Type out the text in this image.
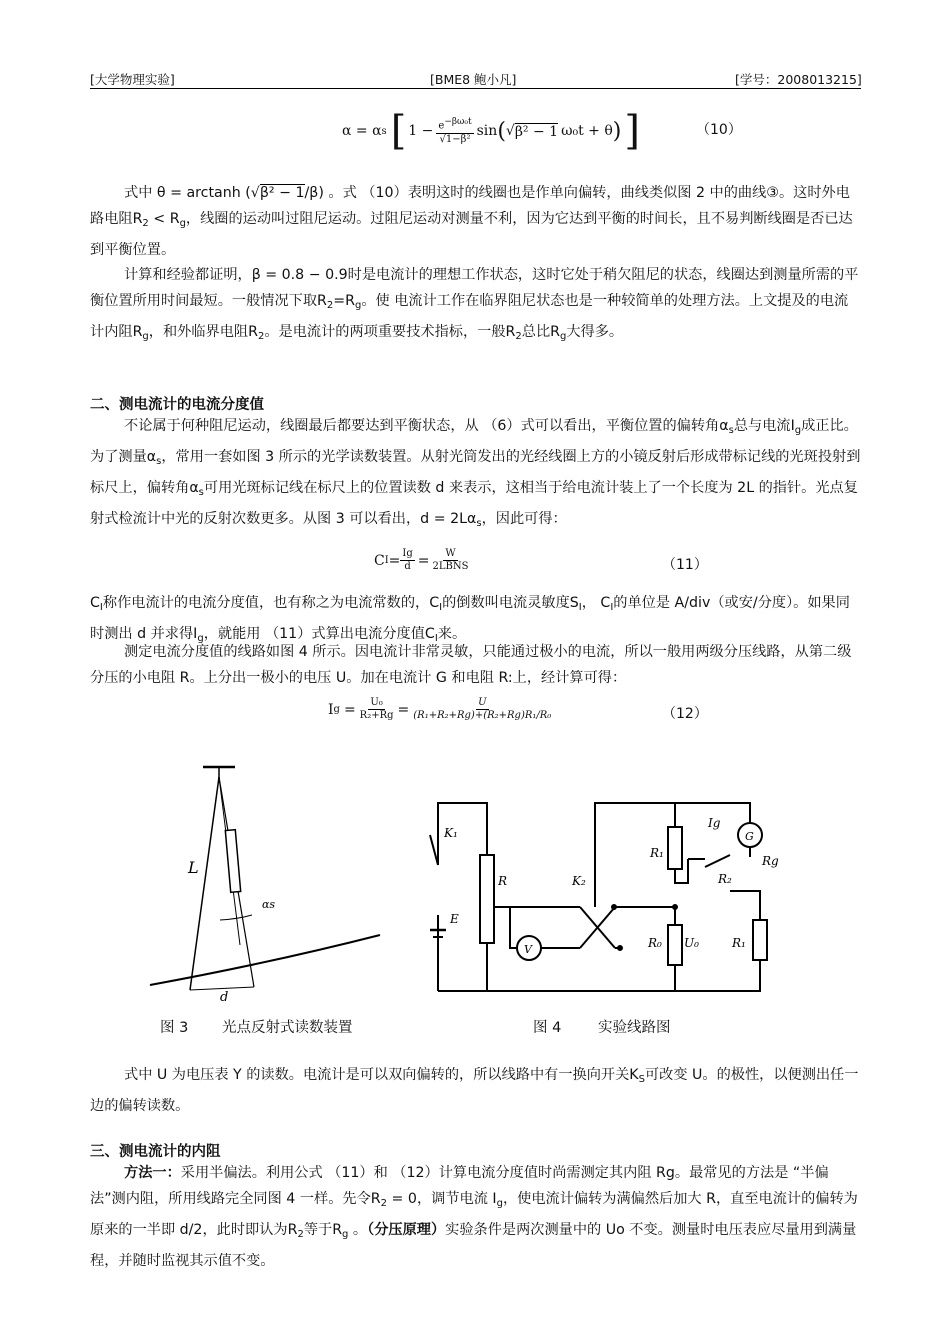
[大学物理实验]	[BME8 鲍小凡]	[学号：2008013215]
α = α s [ $1 - \frac{e^{-\beta\omega_0t}}{\text{√1−β²}}$ sin ( √ β² − 1 ω₀t + θ ) ]	（10）
式中 θ = arctanh (√β² − 1/β) 。式 （10）表明这时的线圈也是作单向偏转，曲线类似图 2 中的曲线③。这时外电路电阻$R_2 < R_g$，线圈的运动叫过阻尼运动。过阻尼运动对测量不利，因为它达到平衡的时间长，且不易判断线圈是否已达到平衡位置。
计算和经验都证明，β = 0.8 − 0.9时是电流计的理想工作状态，这时它处于稍欠阻尼的状态，线圈达到测量所需的平衡位置所用时间最短。一般情况下取$R_2=R_g$。使 电流计工作在临界阻尼状态也是一种较简单的处理方法。上文提及的电流计内阻$R_g$，和外临界电阻$R_2$。是电流计的两项重要技术指标，一般$R_2$总比$R_g$大得多。
二、测电流计的电流分度值
不论属于何种阻尼运动，线圈最后都要达到平衡状态，从 （6）式可以看出，平衡位置的偏转角$\alpha_s$总与电流$I_g$成正比。为了测量$\alpha_s$，常用一套如图 3 所示的光学读数装置。从射光筒发出的光经线圈上方的小镜反射后形成带标记线的光斑投射到标尺上，偏转角$\alpha_s$可用光斑标记线在标尺上的位置读数 d 来表示，这相当于给电流计装上了一个长度为 2L 的指针。光点复射式检流计中光的反射次数更多。从图 3 可以看出，$d = 2L\alpha_s$，因此可得：
C $I = \frac{Ig}{d} = \frac{W}{\text{2LBNS}}$	（11）
$C_I$称作电流计的电流分度值，也有称之为电流常数的，$C_I$的倒数叫电流灵敏度$S_I$， $C_I$的单位是 A/div（或安/分度）。如果同时测出 d 并求得$I_g$，就能用 （11）式算出电流分度值$C_I$来。
测定电流分度值的线路如图 4 所示。因电流计非常灵敏，只能通过极小的电流，所以一般用两级分压线路，从第二级分压的小电阻 R。上分出一极小的电压 U。加在电流计 G 和电阻 R:上，经计算可得：
I $g = \frac{\text{U₀}}{\text{R₂+Rg}} = \frac{U}{\text{(R₁+R₂+Rg)+(R₂+Rg)R₁/R₀}}$	（12）
L
αs
d
图 3 光点反射式读数装置
K₁
R
E
V
K₂
Ig
G
R₁
Rg
R₂
R₀ U₀	R₁
图 4	实验线路图
式中 U 为电压表 Y 的读数。电流计是可以双向偏转的，所以线路中有一换向开关$K_S$可改变 U。的极性，以便测出任一边的偏转读数。
三、测电流计的内阻
方法一：采用半偏法。利用公式 （11）和 （12）计算电流分度值时尚需测定其内阻 Rg。最常见的方法是 “半偏法”测内阻，所用线路完全同图 4 一样。先令$R_2 = 0$，调节电流 $I_g$，使电流计偏转为满偏然后加大 R，直至电流计的偏转为原来的一半即 d/2，此时即认为$R_2$等于$R_g$ 。（分压原理）实验条件是两次测量中的 Uo 不变。测量时电压表应尽量用到满量程，并随时监视其示值不变。
